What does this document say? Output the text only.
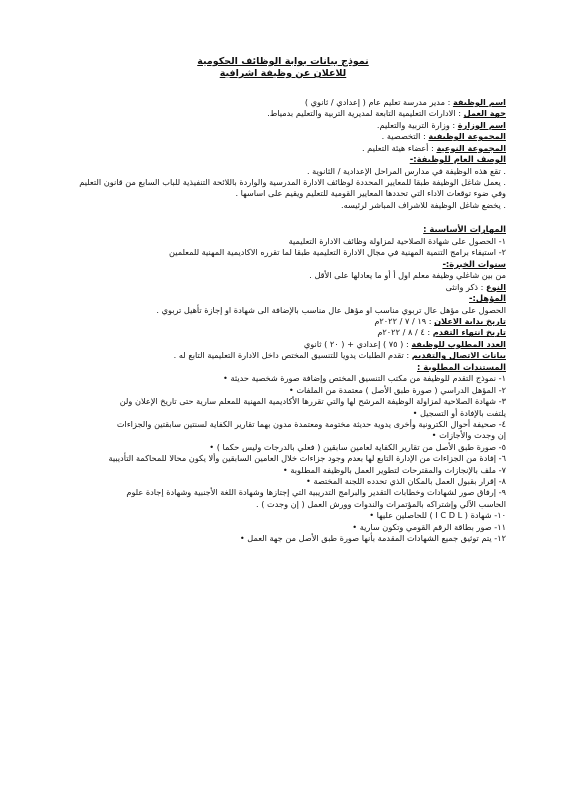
نموذج بيانات بوابة الوظائف الحكومية
للاعلان عن وظيفة اشرافية
اسم الوظيفة : مدير مدرسة تعليم عام ( إعدادي / ثانوي )
جهة العمل : الادارات التعليمية التابعة لمديرية التربية والتعليم بدمياط.
اسم الوزارة : وزارة التربية والتعليم.
المجموعة الوظيفية : التخصصية .
المجموعة النوعية : أعضاء هيئة التعليم .
الوصف العام للوظيفة:-
. تقع هذه الوظيفة في مدارس المراحل الإعدادية / الثانوية .
. يعمل شاغل الوظيفة طبقا للمعايير المحددة لوظائف الادارة المدرسية والواردة باللائحة التنفيذية للباب السابع من قانون التعليم
وفي ضوء توقعات الاداء التي تحددها المعايير القومية للتعليم ويقيم على اساسها .
. يخضع شاغل الوظيفة للاشراف المباشر لرئيسه.
المهارات الأساسية :
١- الحصول على شهادة الصلاحية لمزاولة وظائف الادارة التعليمية
٢- استيفاء برامج التنمية المهنية في مجال الادارة التعليمية طبقا لما تقرره الاكاديمية المهنية للمعلمين
سنوات الخبرة:-
من بين شاغلي وظيفة معلم اول أ أو ما يعادلها على الأقل .
النوع : ذكر وانثى
المؤهل:-
الحصول على مؤهل عال تربوي مناسب او مؤهل عال مناسب بالإضافة الى شهادة او إجازة تأهيل تربوي .
تاريخ بداية الاعلان : ١٩ / ٧ / ٢٠٢٢م
تاريخ انتهاء التقدم : ٤ / ٨ / ٢٠٢٢م
العدد المطلوب للوظيفة : ( ٧٥ ) إعدادي + ( ٢٠ ) ثانوي
بيانات الاتصال والتقديم : تقدم الطلبات يدويا للتنسيق المختص داخل الادارة التعليمية التابع له .
المستندات المطلوبة :
١- نموذج التقدم للوظيفة من مكتب التنسيق المختص وإضافة صورة شخصية حديثة •
٢- المؤهل الدراسي ( صورة طبق الأصل ) معتمدة من الملفات •
٣- شهادة الصلاحية لمزاولة الوظيفة المرشح لها والتي تقررها الأكاديمية المهنية للمعلم سارية حتى تاريخ الإعلان ولن
يلتفت بالإفادة أو التسجيل •
٤- صحيفة أحوال الكترونية وأخرى يدوية حديثة مختومة ومعتمدة مدون بهما تقارير الكفاية لسنتين سابقتين والجزاءات
إن وجدت والأجازات •
٥- صورة طبق الأصل من تقارير الكفاية لعامين سابقين ( فعلي بالدرجات وليس حكما ) •
٦- إفادة من الجزاءات من الإدارة التابع لها بعدم وجود جزاءات خلال العامين السابقين وألا يكون محالا للمحاكمة التأديبية
٧- ملف بالإنجازات والمقترحات لتطوير العمل بالوظيفة المطلوبة •
٨- إقرار بقبول العمل بالمكان الذي تحدده اللجنة المختصة •
٩- إرفاق صور لشهادات وخطابات التقدير والبرامج التدريبية التي إجتازها وشهادة اللغة الأجنبية وشهادة إجادة علوم
الحاسب الآلي وإشتراكه بالمؤتمرات والندوات وورش العمل ( إن وجدت ) .
١٠- شهادة ( I C D L ) للحاصلين عليها •
١١- صور بطاقة الرقم القومي وتكون سارية •
١٢- يتم توثيق جميع الشهادات المقدمة بأنها صورة طبق الأصل من جهة العمل •
